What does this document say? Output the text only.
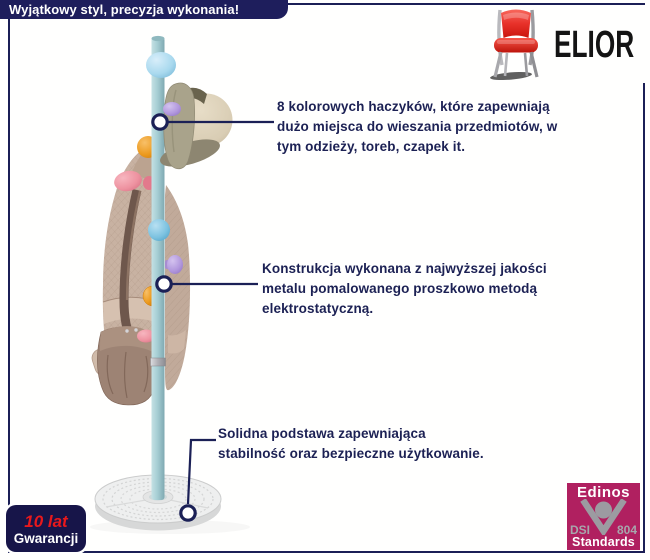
Wyjątkowy styl, precyzja wykonania!
ELIOR
8 kolorowych haczyków, które zapewniają
dużo miejsca do wieszania przedmiotów, w
tym odzieży, toreb, czapek it.
Konstrukcja wykonana z najwyższej jakości
metalu pomalowanego proszkowo metodą
elektrostatyczną.
Solidna podstawa zapewniająca
stabilność oraz bezpieczne użytkowanie.
10 lat
Gwarancji
Edinos
DSI 804
Standards
